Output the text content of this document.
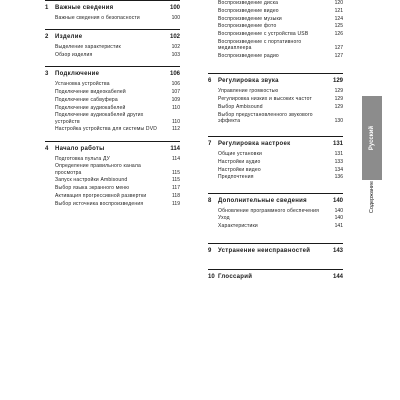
1	Важные сведения	100
Важные сведения о безопасности	100
2	Изделие	102
Выделение характеристик	102
Обзор изделия	103
3	Подключение	106
Установка устройства	106
Подключение видеокабелей	107
Подключение сабвуфера	109
Подключение аудиокабелей	110
Подключение аудиокабелей других устройств	110
Настройка устройства для системы DVD	112
4	Начало работы	114
Подготовка пульта ДУ	114
Определение правильного канала просмотра	115
Запуск настройки Ambisound	115
Выбор языка экранного меню	117
Активация прогрессивной развертки	118
Выбор источника воспроизведения	119
Воспроизведение диска	120
Воспроизведение видео	121
Воспроизведение музыки	124
Воспроизведение фото	125
Воспроизведение с устройства USB	126
Воспроизведение с портативного медиаплеера	127
Воспроизведение радио	127
6	Регулировка звука	129
Управление громкостью	129
Регулировка низких и высоких частот	129
Выбор Ambisound	129
Выбор предустановленного звукового эффекта	130
7	Регулировка настроек	131
Общие установки	131
Настройки аудио	133
Настройки видео	134
Предпочтения	136
8	Дополнительные сведения	140
Обновление программного обеспечения	140
Уход	140
Характеристики	141
9	Устранение неисправностей	143
10 Глоссарий	144
Русский
Содержание
